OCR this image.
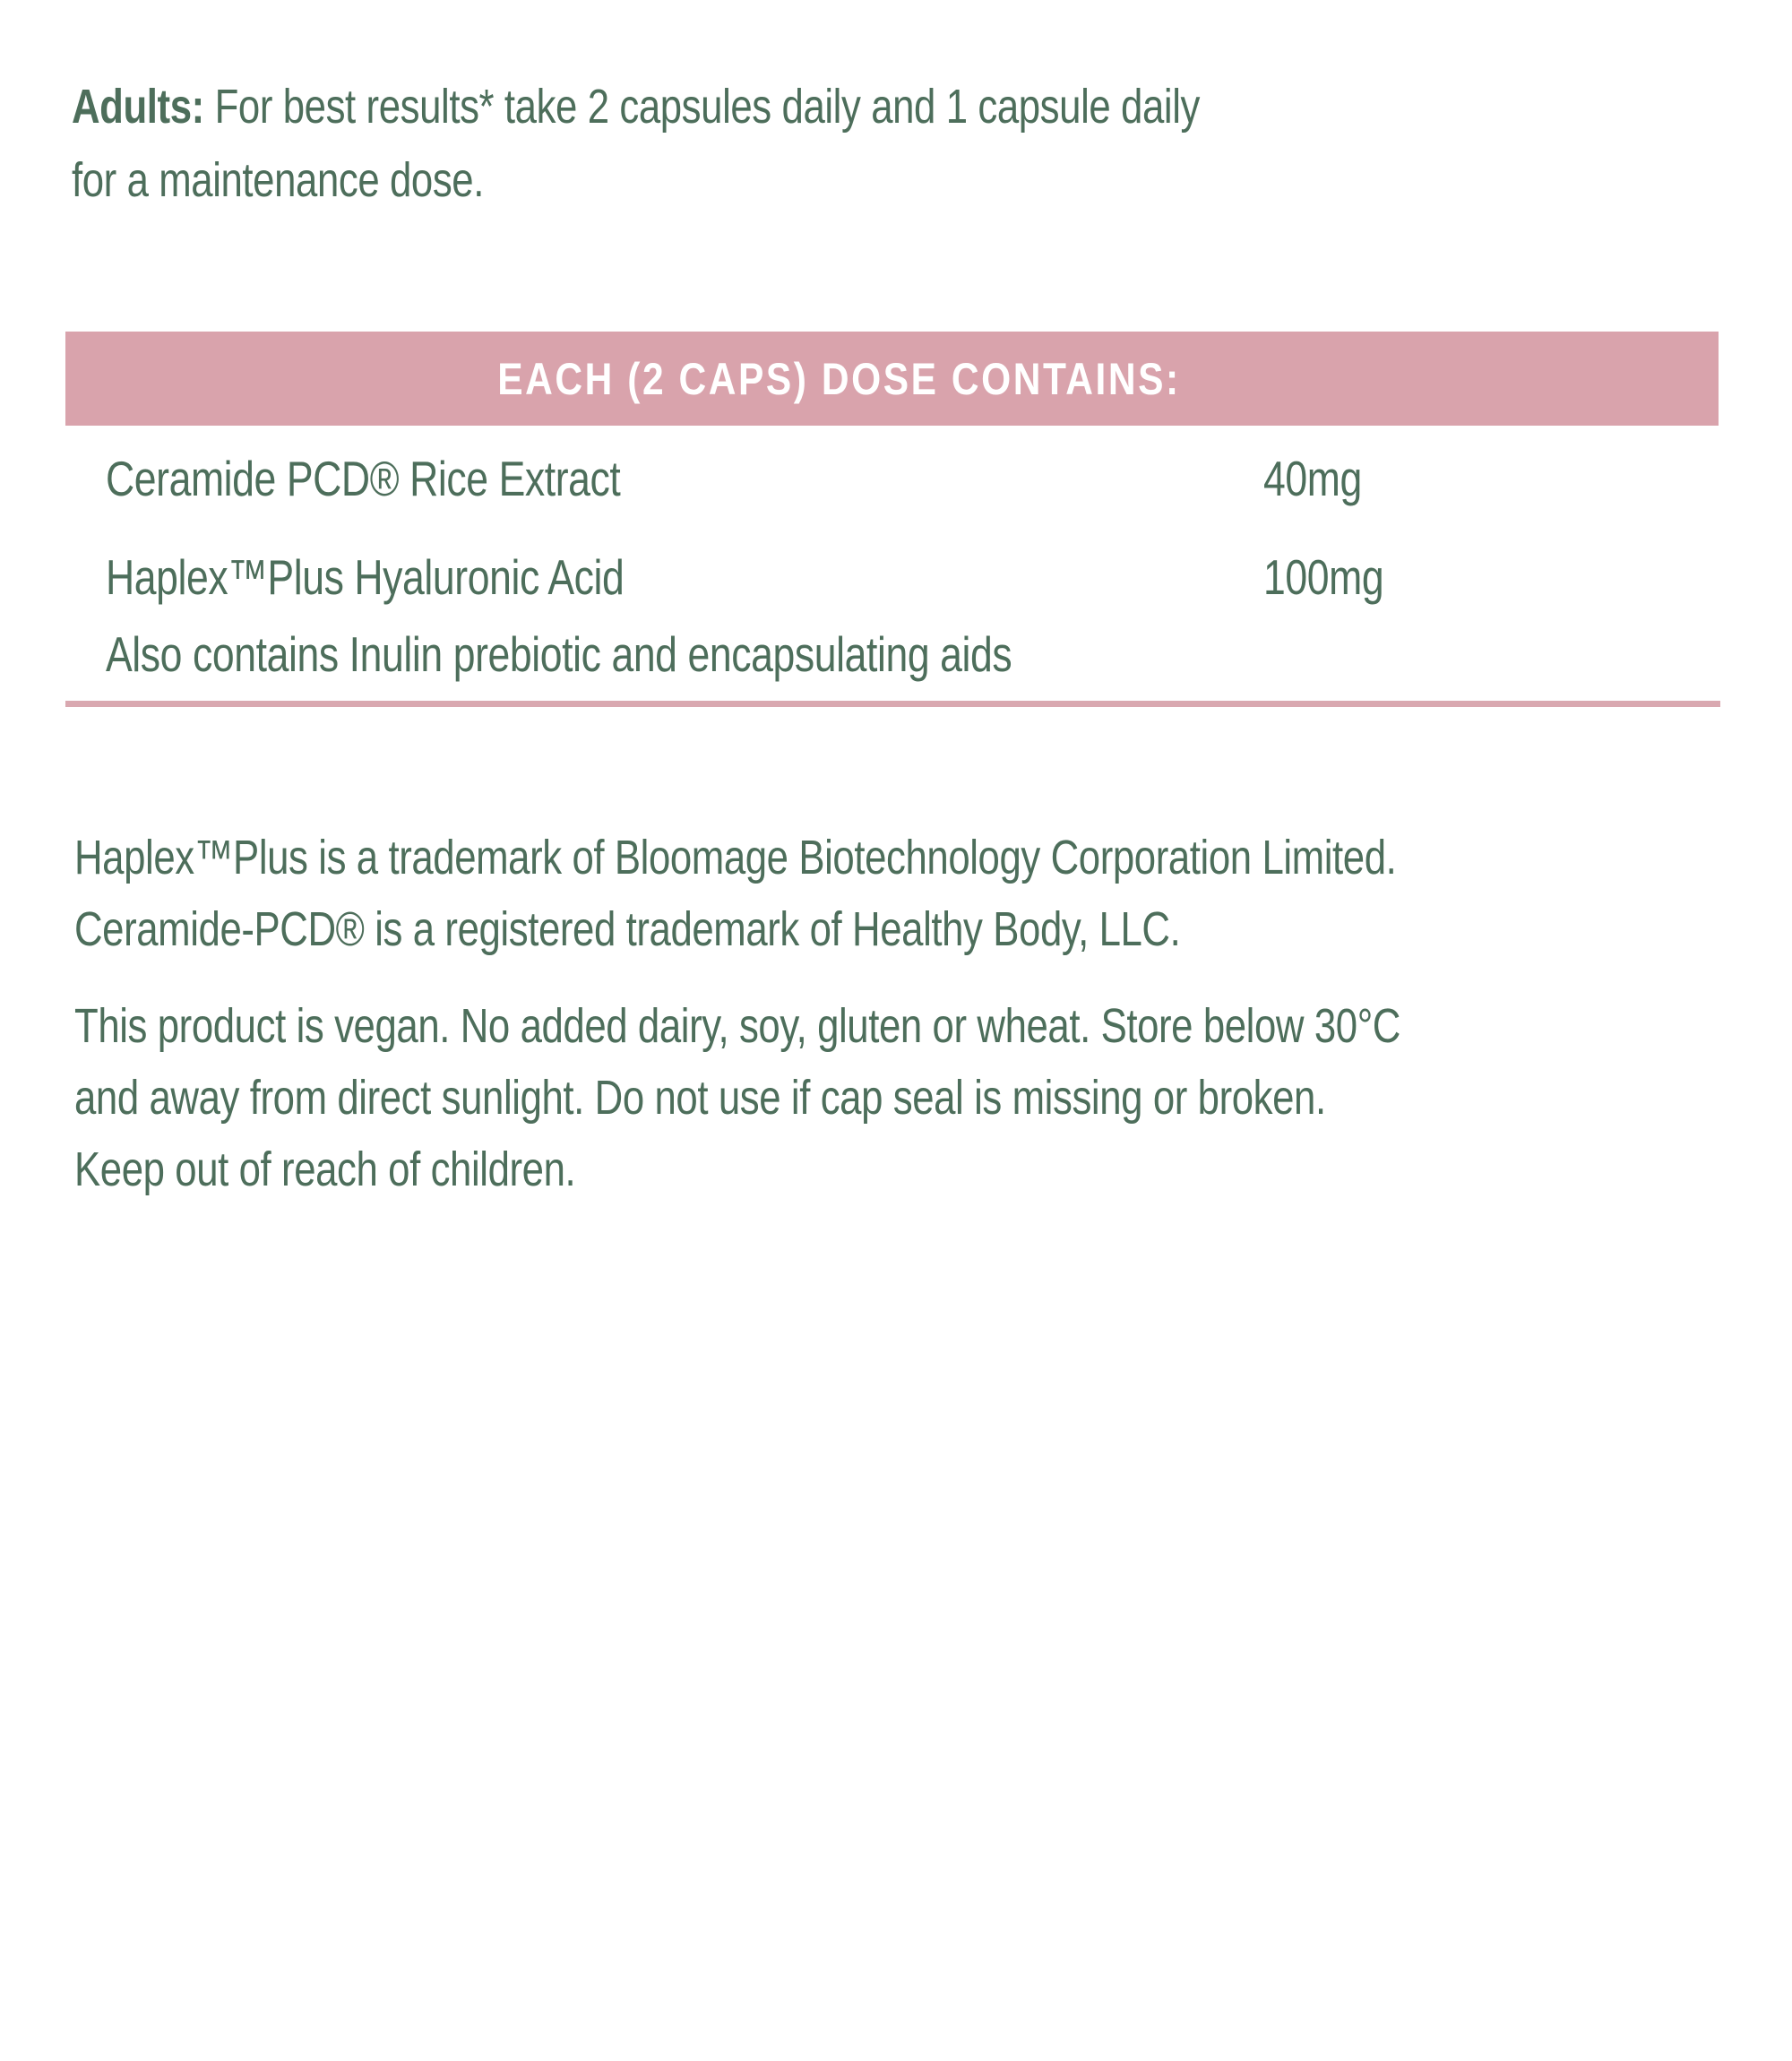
Adults: For best results* take 2 capsules daily and 1 capsule daily
for a maintenance dose.
EACH (2 CAPS) DOSE CONTAINS:
Ceramide PCD® Rice Extract	40mg
Haplex™Plus Hyaluronic Acid	100mg
Also contains Inulin prebiotic and encapsulating aids
Haplex™Plus is a trademark of Bloomage Biotechnology Corporation Limited.
Ceramide-PCD® is a registered trademark of Healthy Body, LLC.
This product is vegan. No added dairy, soy, gluten or wheat. Store below 30°C
and away from direct sunlight. Do not use if cap seal is missing or broken.
Keep out of reach of children.
